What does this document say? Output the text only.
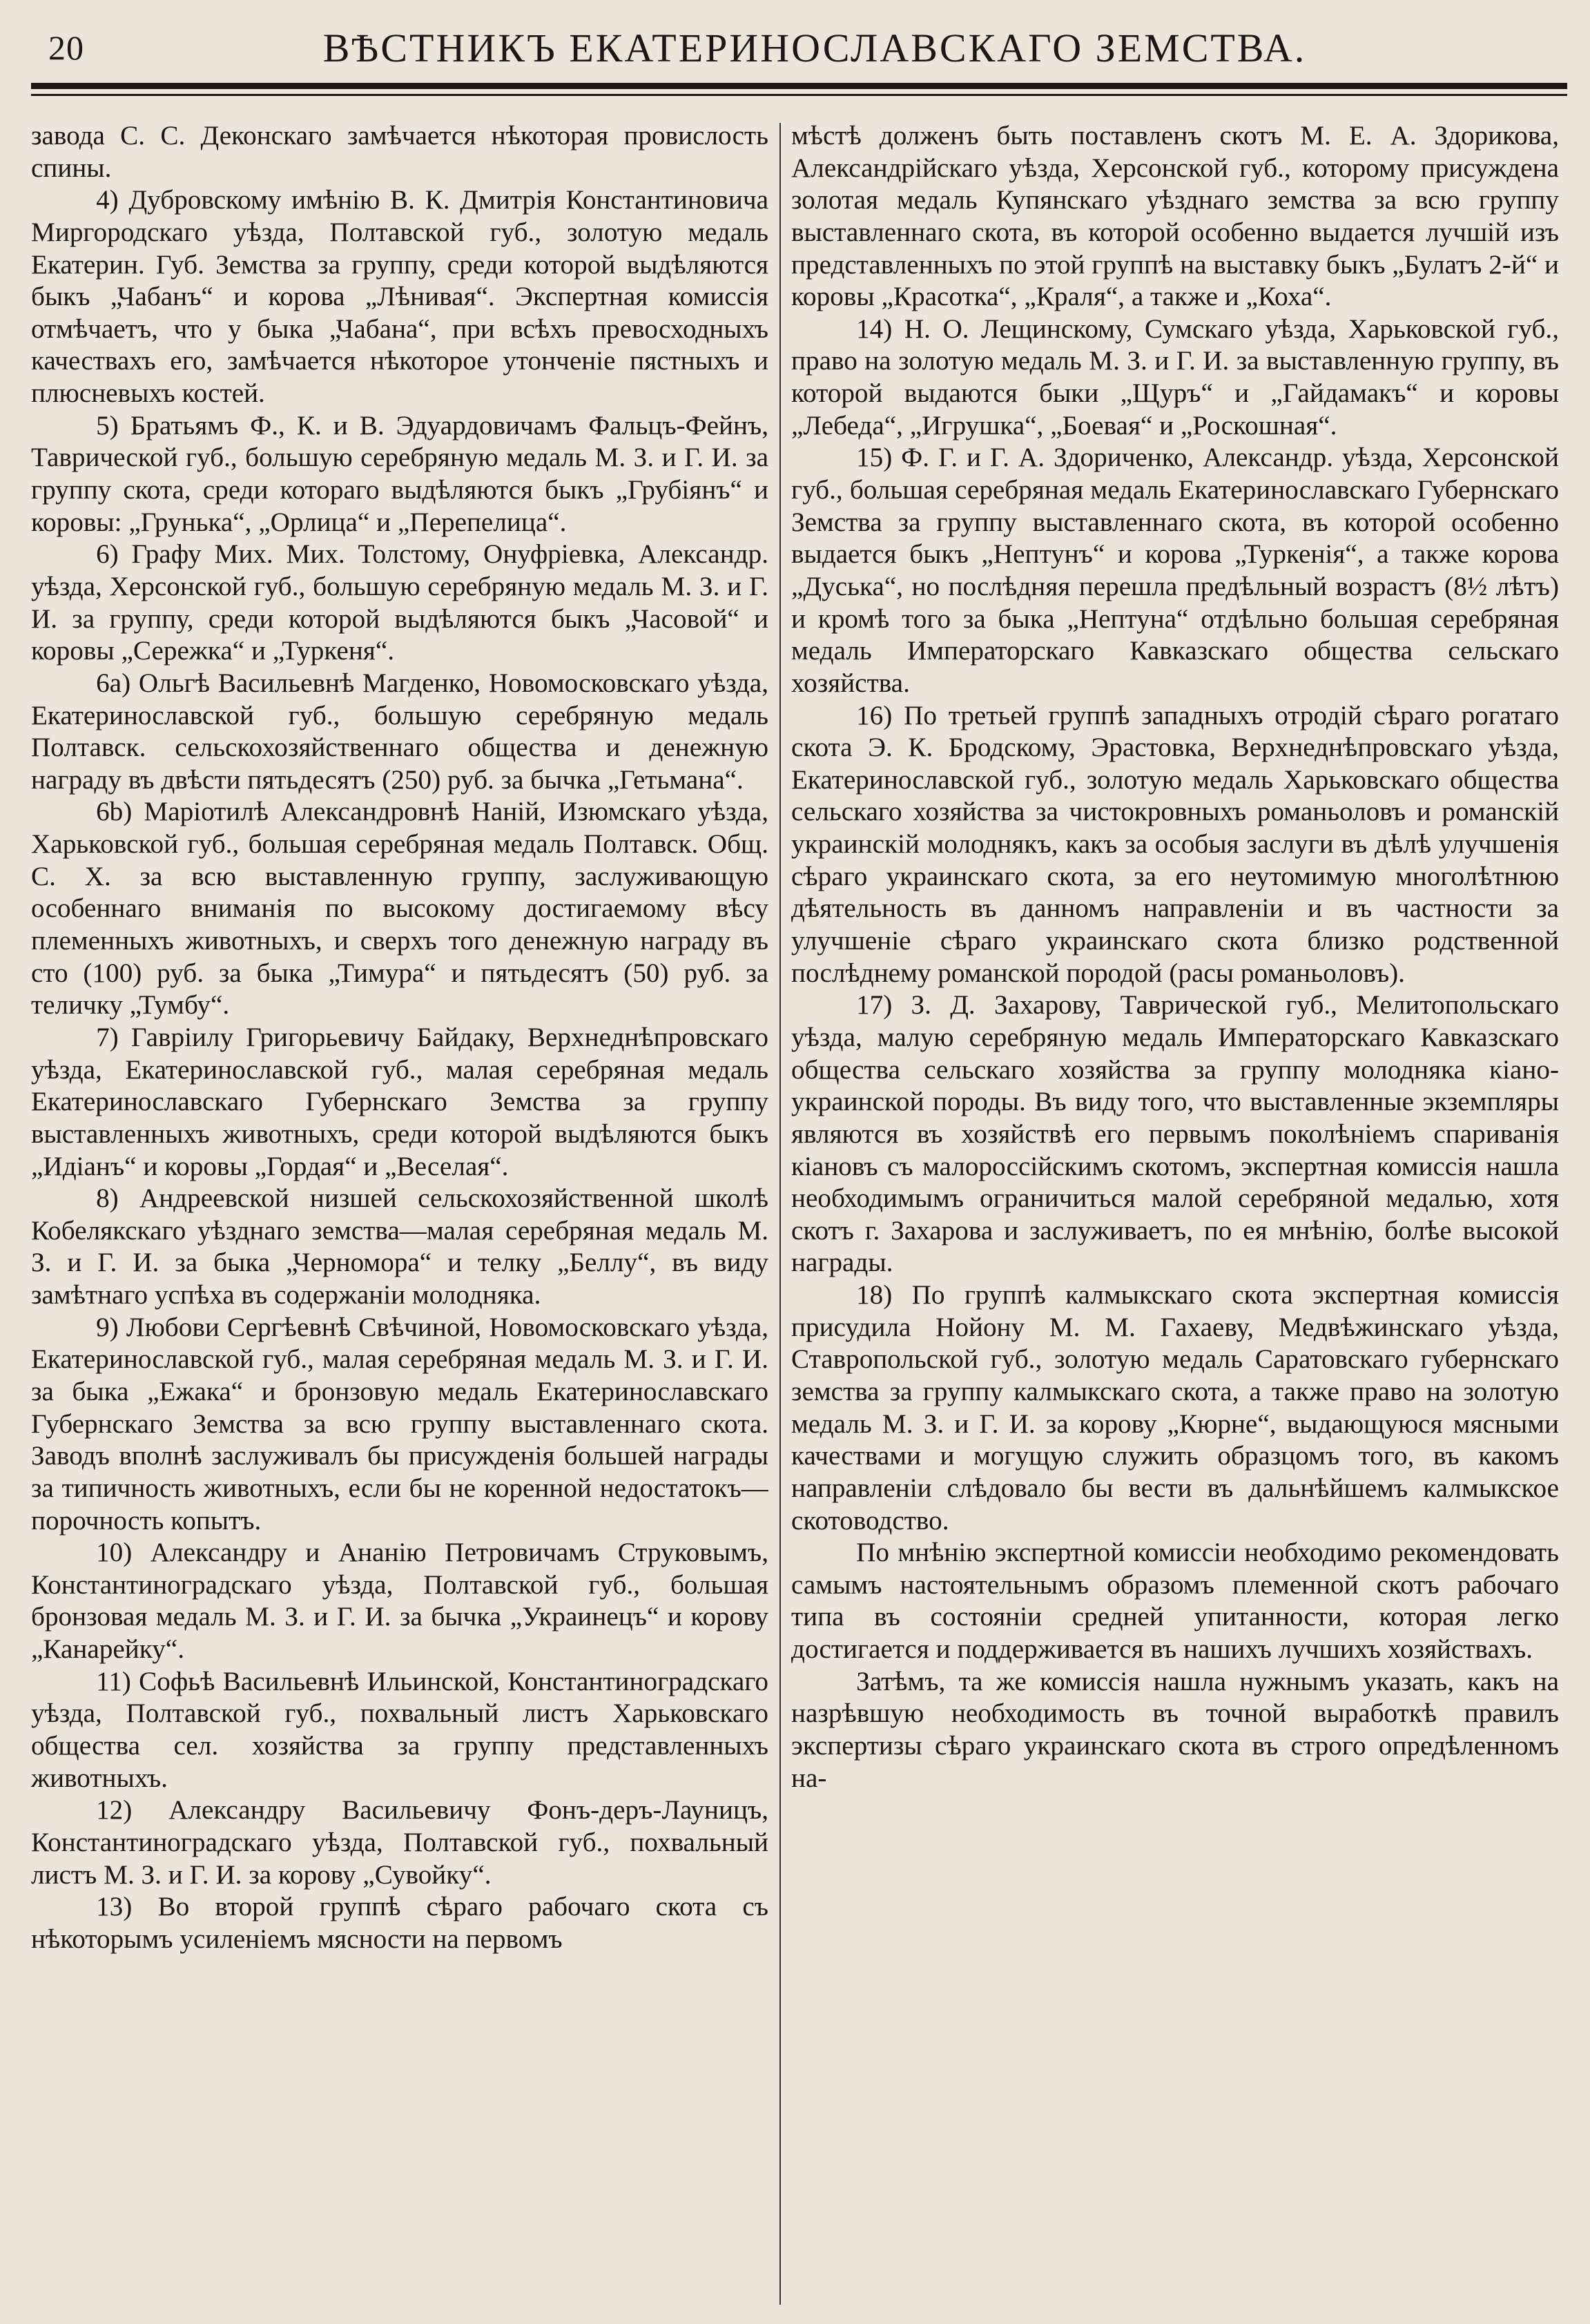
20	ВѢСТНИКЪ ЕКАТЕРИНОСЛАВСКАГО ЗЕМСТВА.

завода С. С. Деконскаго замѣчается нѣкоторая провислость спины.

4) Дубровскому имѣнію В. К. Дмитрія Константиновича Миргородскаго уѣзда, Полтавской губ., золотую медаль Екатерин. Губ. Земства за группу, среди которой выдѣляются быкъ „Чабанъ“ и корова „Лѣнивая“. Экспертная комиссія отмѣчаетъ, что у быка „Чабана“, при всѣхъ превосходныхъ качествахъ его, замѣчается нѣкоторое утонченіе пястныхъ и плюсневыхъ костей.

5) Братьямъ Ф., К. и В. Эдуардовичамъ Фальцъ-Фейнъ, Таврической губ., большую серебряную медаль М. З. и Г. И. за группу скота, среди котораго выдѣляются быкъ „Грубіянъ“ и коровы: „Грунька“, „Орлица“ и „Перепелица“.

6) Графу Мих. Мих. Толстому, Онуфріевка, Александр. уѣзда, Херсонской губ., большую серебряную медаль М. З. и Г. И. за группу, среди которой выдѣляются быкъ „Часовой“ и коровы „Сережка“ и „Туркеня“.

6а) Ольгѣ Васильевнѣ Магденко, Новомосковскаго уѣзда, Екатеринославской губ., большую серебряную медаль Полтавск. сельскохозяйственнаго общества и денежную награду въ двѣсти пятьдесятъ (250) руб. за бычка „Гетьмана“.

6b) Маріотилѣ Александровнѣ Наній, Изюмскаго уѣзда, Харьковской губ., большая серебряная медаль Полтавск. Общ. С. Х. за всю выставленную группу, заслуживающую особеннаго вниманія по высокому достигаемому вѣсу племенныхъ животныхъ, и сверхъ того денежную награду въ сто (100) руб. за быка „Тимура“ и пятьдесятъ (50) руб. за теличку „Тумбу“.

7) Гаврiилу Григорьевичу Байдаку, Верхнеднѣпровскаго уѣзда, Екатеринославской губ., малая серебряная медаль Екатеринославскаго Губернскаго Земства за группу выставленныхъ животныхъ, среди которой выдѣляются быкъ „Идіанъ“ и коровы „Гордая“ и „Веселая“.

8) Андреевской низшей сельскохозяйственной школѣ Кобелякскаго уѣзднаго земства—малая серебряная медаль М. З. и Г. И. за быка „Черномора“ и телку „Беллу“, въ виду замѣтнаго успѣха въ содержаніи молодняка.

9) Любови Сергѣевнѣ Свѣчиной, Новомосковскаго уѣзда, Екатеринославской губ., малая серебряная медаль М. З. и Г. И. за быка „Ежака“ и бронзовую медаль Екатеринославскаго Губернскаго Земства за всю группу выставленнаго скота. Заводъ вполнѣ заслуживалъ бы присужденія большей награды за типичность животныхъ, если бы не коренной недостатокъ—порочность копытъ.

10) Александру и Ананію Петровичамъ Струковымъ, Константиноградскаго уѣзда, Полтавской губ., большая бронзовая медаль М. З. и Г. И. за бычка „Украинецъ“ и корову „Канарейку“.

11) Софьѣ Васильевнѣ Ильинской, Константиноградскаго уѣзда, Полтавской губ., похвальный листъ Харьковскаго общества сел. хозяйства за группу представленныхъ животныхъ.

12) Александру Васильевичу Фонъ-деръ-Лауницъ, Константиноградскаго уѣзда, Полтавской губ., похвальный листъ М. З. и Г. И. за корову „Сувойку“.

13) Во второй группѣ сѣраго рабочаго скота съ нѣкоторымъ усиленіемъ мясности на первомъ

мѣстѣ долженъ быть поставленъ скотъ М. Е. А. Здорикова, Александрійскаго уѣзда, Херсонской губ., которому присуждена золотая медаль Купянскаго уѣзднаго земства за всю группу выставленнаго скота, въ которой особенно выдается лучшій изъ представленныхъ по этой группѣ на выставку быкъ „Булатъ 2-й“ и коровы „Красотка“, „Краля“, а также и „Коха“.

14) Н. О. Лещинскому, Сумскаго уѣзда, Харьковской губ., право на золотую медаль М. З. и Г. И. за выставленную группу, въ которой выдаются быки „Щуръ“ и „Гайдамакъ“ и коровы „Лебеда“, „Игрушка“, „Боевая“ и „Роскошная“.

15) Ф. Г. и Г. А. Здориченко, Александр. уѣзда, Херсонской губ., большая серебряная медаль Екатеринославскаго Губернскаго Земства за группу выставленнаго скота, въ которой особенно выдается быкъ „Нептунъ“ и корова „Туркенія“, а также корова „Дуська“, но послѣдняя перешла предѣльный возрастъ (8½ лѣтъ) и кромѣ того за быка „Нептуна“ отдѣльно большая серебряная медаль Императорскаго Кавказскаго общества сельскаго хозяйства.

16) По третьей группѣ западныхъ отродій сѣраго рогатаго скота Э. К. Бродскому, Эрастовка, Верхнеднѣпровскаго уѣзда, Екатеринославской губ., золотую медаль Харьковскаго общества сельскаго хозяйства за чистокровныхъ романьоловъ и романскій украинскій молоднякъ, какъ за особыя заслуги въ дѣлѣ улучшенія сѣраго украинскаго скота, за его неутомимую многолѣтнюю дѣятельность въ данномъ направленіи и въ частности за улучшеніе сѣраго украинскаго скота близко родственной послѣднему романской породой (расы романьоловъ).

17) З. Д. Захарову, Таврической губ., Мелитопольскаго уѣзда, малую серебряную медаль Императорскаго Кавказскаго общества сельскаго хозяйства за группу молодняка кіано-украинской породы. Въ виду того, что выставленные экземпляры являются въ хозяйствѣ его первымъ поколѣніемъ спариванія кіановъ съ малороссійскимъ скотомъ, экспертная комиссія нашла необходимымъ ограничиться малой серебряной медалью, хотя скотъ г. Захарова и заслуживаетъ, по ея мнѣнію, болѣе высокой награды.

18) По группѣ калмыкскаго скота экспертная комиссія присудила Нойону М. М. Гахаеву, Медвѣжинскаго уѣзда, Ставропольской губ., золотую медаль Саратовскаго губернскаго земства за группу калмыкскаго скота, а также право на золотую медаль М. З. и Г. И. за корову „Кюрне“, выдающуюся мясными качествами и могущую служить образцомъ того, въ какомъ направленіи слѣдовало бы вести въ дальнѣйшемъ калмыкское скотоводство.

По мнѣнію экспертной комиссіи необходимо рекомендовать самымъ настоятельнымъ образомъ племенной скотъ рабочаго типа въ состояніи средней упитанности, которая легко достигается и поддерживается въ нашихъ лучшихъ хозяйствахъ.

Затѣмъ, та же комиссія нашла нужнымъ указать, какъ на назрѣвшую необходимость въ точной выработкѣ правилъ экспертизы сѣраго украинскаго скота въ строго опредѣленномъ на-
